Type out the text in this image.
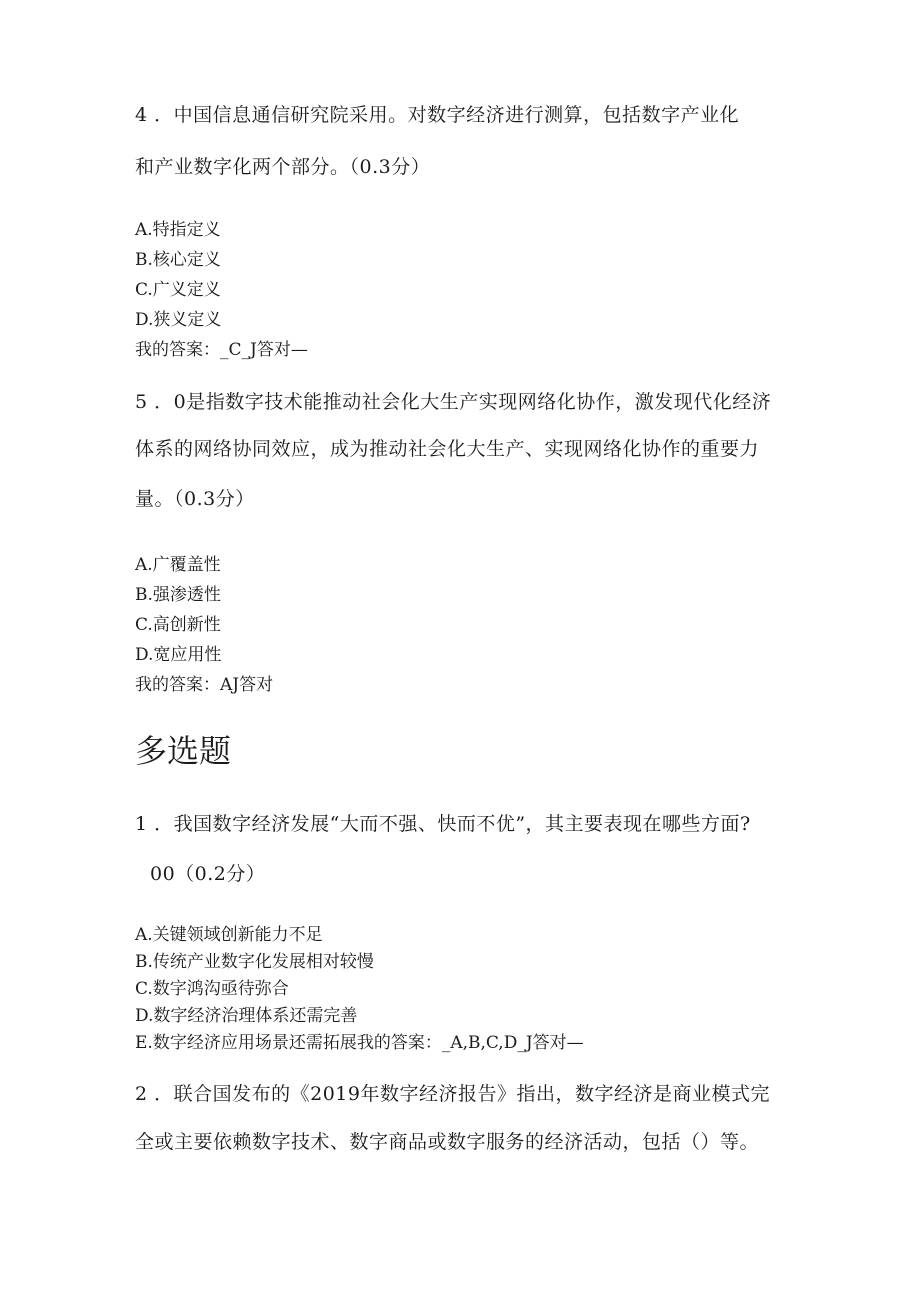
4 ．中国信息通信研究院采用。对数字经济进行测算，包括数字产业化
和产业数字化两个部分。（0.3分）
A.特指定义
B.核心定义
C.广义定义
D.狭义定义
我的答案：_C_J答对—
5 ．0是指数字技术能推动社会化大生产实现网络化协作，激发现代化经济
体系的网络协同效应，成为推动社会化大生产、实现网络化协作的重要力
量。（0.3分）
A.广覆盖性
B.强渗透性
C.高创新性
D.宽应用性
我的答案：AJ答对
多选题
1 ．我国数字经济发展“大而不强、快而不优”，其主要表现在哪些方面?
00（0.2分）
A.关键领域创新能力不足
B.传统产业数字化发展相对较慢
C.数字鸿沟亟待弥合
D.数字经济治理体系还需完善
E.数字经济应用场景还需拓展我的答案：_A,B,C,D_J答对—
2 ．联合国发布的《2019年数字经济报告》指出，数字经济是商业模式完
全或主要依赖数字技术、数字商品或数字服务的经济活动，包括（）等。
